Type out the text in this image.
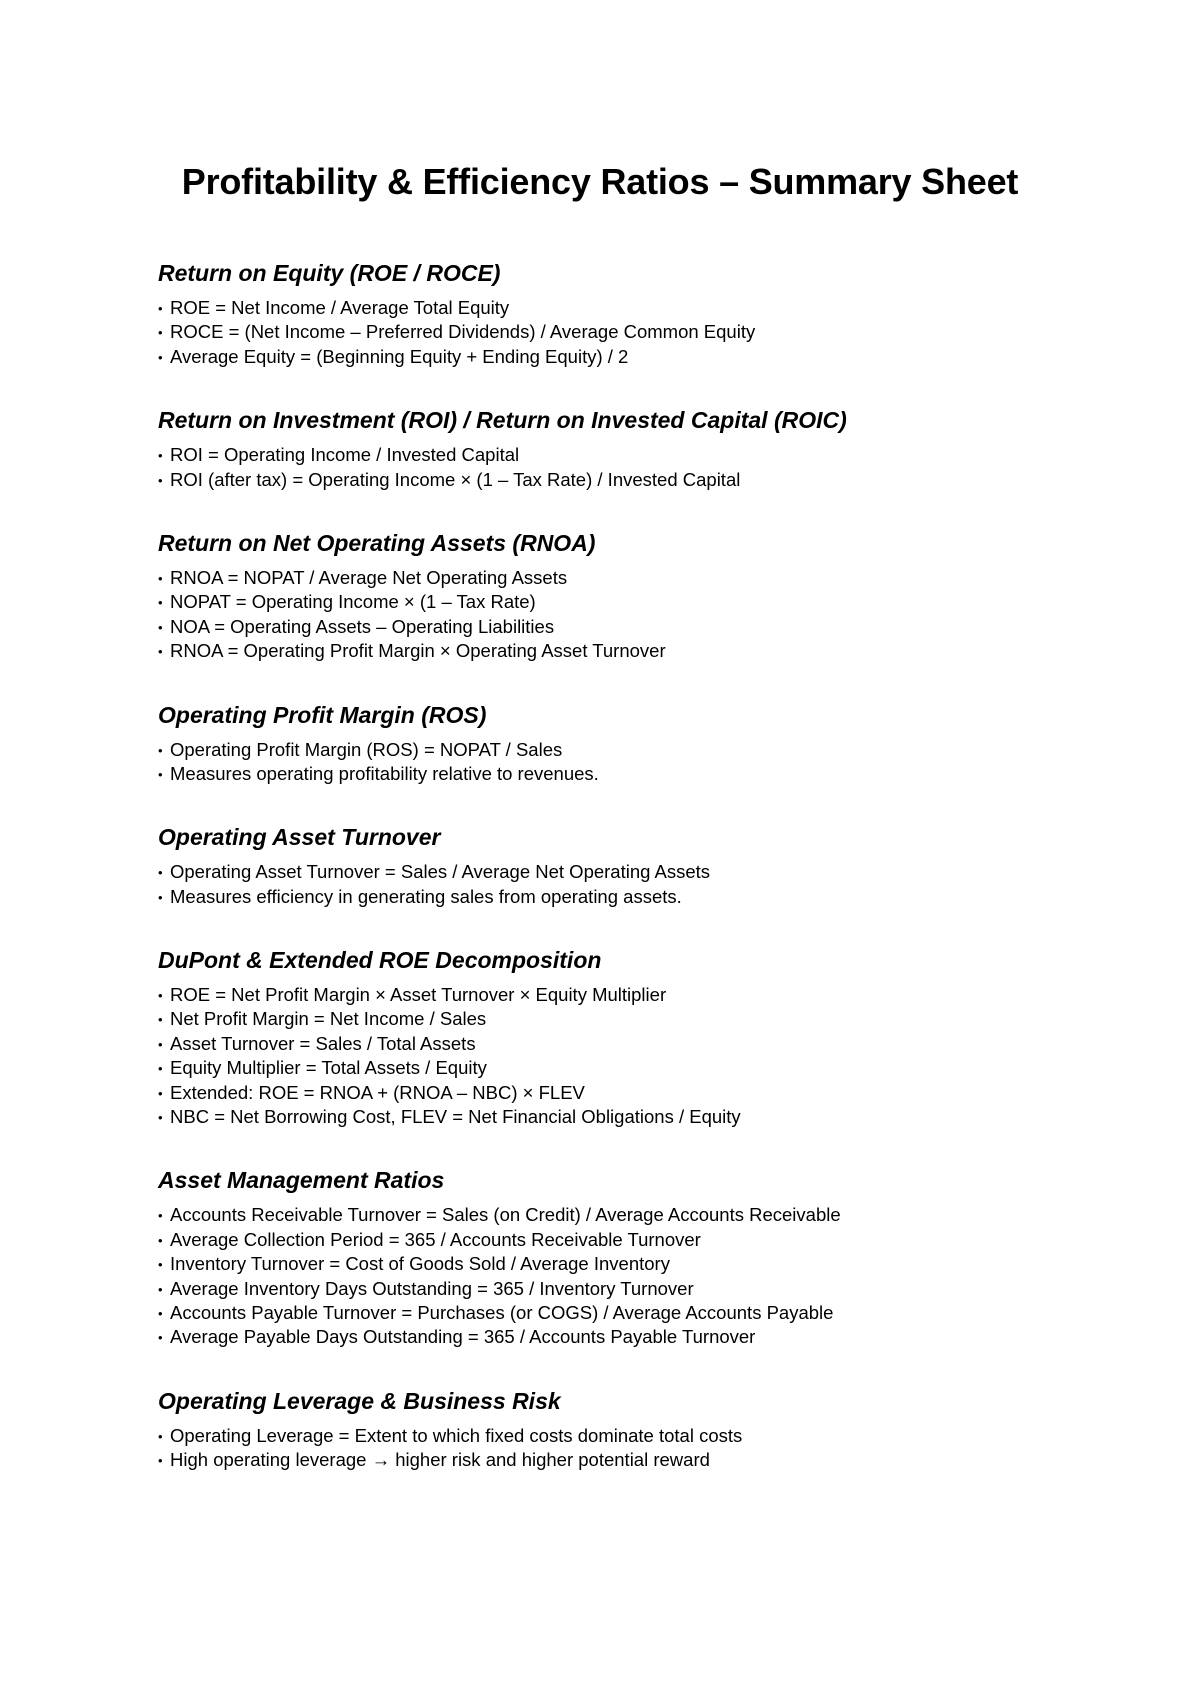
Profitability & Efficiency Ratios – Summary Sheet
Return on Equity (ROE / ROCE)
• ROE = Net Income / Average Total Equity
• ROCE = (Net Income – Preferred Dividends) / Average Common Equity
• Average Equity = (Beginning Equity + Ending Equity) / 2
Return on Investment (ROI) / Return on Invested Capital (ROIC)
• ROI = Operating Income / Invested Capital
• ROI (after tax) = Operating Income × (1 – Tax Rate) / Invested Capital
Return on Net Operating Assets (RNOA)
• RNOA = NOPAT / Average Net Operating Assets
• NOPAT = Operating Income × (1 – Tax Rate)
• NOA = Operating Assets – Operating Liabilities
• RNOA = Operating Profit Margin × Operating Asset Turnover
Operating Profit Margin (ROS)
• Operating Profit Margin (ROS) = NOPAT / Sales
• Measures operating profitability relative to revenues.
Operating Asset Turnover
• Operating Asset Turnover = Sales / Average Net Operating Assets
• Measures efficiency in generating sales from operating assets.
DuPont & Extended ROE Decomposition
• ROE = Net Profit Margin × Asset Turnover × Equity Multiplier
• Net Profit Margin = Net Income / Sales
• Asset Turnover = Sales / Total Assets
• Equity Multiplier = Total Assets / Equity
• Extended: ROE = RNOA + (RNOA – NBC) × FLEV
• NBC = Net Borrowing Cost, FLEV = Net Financial Obligations / Equity
Asset Management Ratios
• Accounts Receivable Turnover = Sales (on Credit) / Average Accounts Receivable
• Average Collection Period = 365 / Accounts Receivable Turnover
• Inventory Turnover = Cost of Goods Sold / Average Inventory
• Average Inventory Days Outstanding = 365 / Inventory Turnover
• Accounts Payable Turnover = Purchases (or COGS) / Average Accounts Payable
• Average Payable Days Outstanding = 365 / Accounts Payable Turnover
Operating Leverage & Business Risk
• Operating Leverage = Extent to which fixed costs dominate total costs
• High operating leverage → higher risk and higher potential reward
